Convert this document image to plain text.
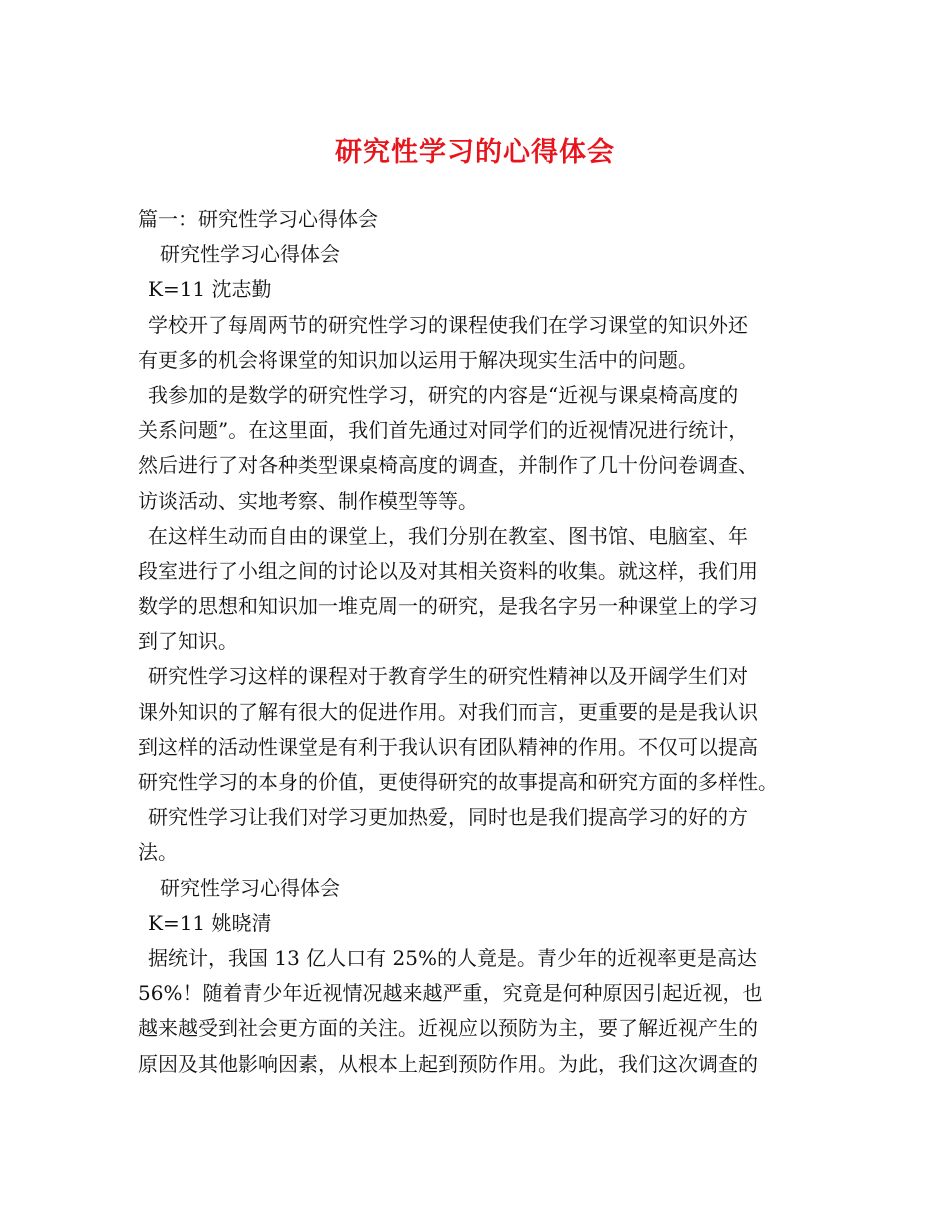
研究性学习的心得体会
篇一：研究性学习心得体会
研究性学习心得体会
K=11 沈志勤
学校开了每周两节的研究性学习的课程使我们在学习课堂的知识外还
有更多的机会将课堂的知识加以运用于解决现实生活中的问题。
我参加的是数学的研究性学习，研究的内容是“近视与课桌椅高度的
关系问题”。在这里面，我们首先通过对同学们的近视情况进行统计，
然后进行了对各种类型课桌椅高度的调查，并制作了几十份问卷调查、
访谈活动、实地考察、制作模型等等。
在这样生动而自由的课堂上，我们分别在教室、图书馆、电脑室、年
段室进行了小组之间的讨论以及对其相关资料的收集。就这样，我们用
数学的思想和知识加一堆克周一的研究，是我名字另一种课堂上的学习
到了知识。
研究性学习这样的课程对于教育学生的研究性精神以及开阔学生们对
课外知识的了解有很大的促进作用。对我们而言，更重要的是是我认识
到这样的活动性课堂是有利于我认识有团队精神的作用。不仅可以提高
研究性学习的本身的价值，更使得研究的故事提高和研究方面的多样性。
研究性学习让我们对学习更加热爱，同时也是我们提高学习的好的方
法。
研究性学习心得体会
K=11 姚晓清
据统计，我国 13 亿人口有 25%的人竟是。青少年的近视率更是高达
56%！随着青少年近视情况越来越严重，究竟是何种原因引起近视，也
越来越受到社会更方面的关注。近视应以预防为主，要了解近视产生的
原因及其他影响因素，从根本上起到预防作用。为此，我们这次调查的
